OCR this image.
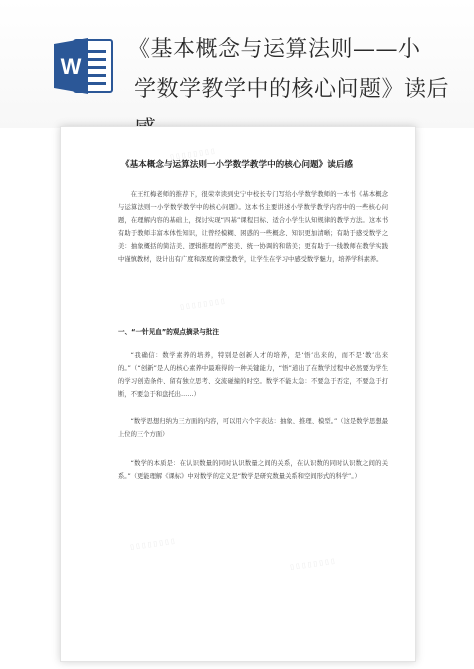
W
《基本概念与运算法则——小
学数学教学中的核心问题》读后

《基本概念与运算法则一小学数学教学中的核心问题》读后感

在王红梅老师的推荐下，很荣幸读到史宁中校长专门写给小学数学教师的一本书《基本概念与运算法则一小学数学教学中的核心问题》。这本书主要讲述小学数学教学内容中的一些核心问题，在理解内容的基础上，探讨实现“四基”课程目标、适合小学生认知规律的教学方法。这本书有助于教师丰富本体性知识，让曾经模糊、困惑的一些概念、知识更加清晰；有助于感受数学之美：抽象概括的简洁美、逻辑推理的严密美、统一协调的和谐美；更有助于一线教师在教学实践中谨慎教材，设计出有广度和深度的课堂教学，让学生在学习中感受数学魅力，培养学科素养。

一、“一针见血”的观点摘录与批注

“我确信：数学素养的培养，特别是创新人才的培养，是‘悟’出来的，而不是‘教’出来的。”（“创新”是人的核心素养中最难得的一种关键能力，“悟”道出了在数学过程中必然要为学生的学习创造条件、留有独立思考、交流碰撞的时空。数学不能太急：不要急于否定，不要急于打断，不要急于和盘托出……）

“数学思想归纳为三方面的内容，可以用六个字表达：抽象、推理、模型。”（这是数学思想最上位的三个方面）

“数学的本质是：在认识数量的同时认识数量之间的关系，在认识数的同时认识数之间的关系。”（更能理解《课标》中对数学的定义是“数学是研究数量关系和空间形式的科学”。）

▯▯▯▯▯▯▯▯
▯▯▯▯▯▯▯▯
▯▯▯▯▯▯▯▯
▯▯▯▯▯▯▯▯
